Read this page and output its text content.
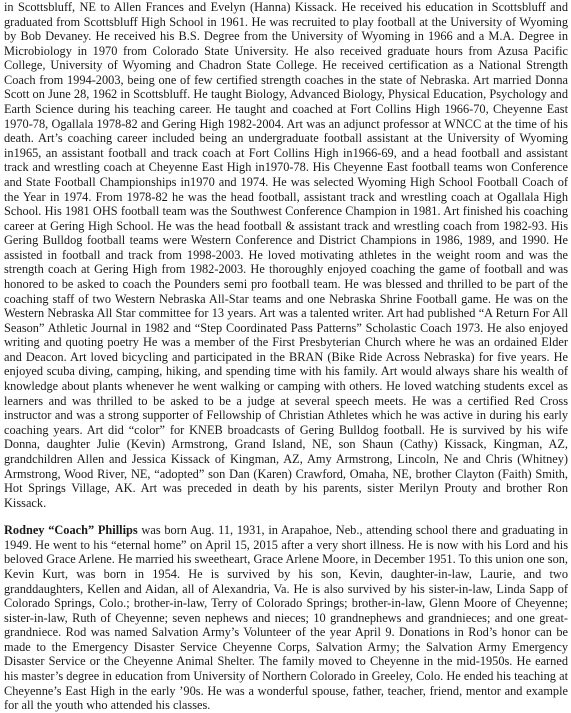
in Scottsbluff, NE to Allen Frances and Evelyn (Hanna) Kissack. He received his education in Scottsbluff and graduated from Scottsbluff High School in 1961. He was recruited to play football at the University of Wyoming by Bob Devaney. He received his B.S. Degree from the University of Wyoming in 1966 and a M.A. Degree in Microbiology in 1970 from Colorado State University. He also received graduate hours from Azusa Pacific College, University of Wyoming and Chadron State College. He received certification as a National Strength Coach from 1994-2003, being one of few certified strength coaches in the state of Nebraska. Art married Donna Scott on June 28, 1962 in Scottsbluff. He taught Biology, Advanced Biology, Physical Education, Psychology and Earth Science during his teaching career. He taught and coached at Fort Collins High 1966-70, Cheyenne East 1970-78, Ogallala 1978-82 and Gering High 1982-2004. Art was an adjunct professor at WNCC at the time of his death. Art’s coaching career included being an undergraduate football assistant at the University of Wyoming in1965, an assistant football and track coach at Fort Collins High in1966-69, and a head football and assistant track and wrestling coach at Cheyenne East High in1970-78. His Cheyenne East football teams won Conference and State Football Championships in1970 and 1974. He was selected Wyoming High School Football Coach of the Year in 1974. From 1978-82 he was the head football, assistant track and wrestling coach at Ogallala High School. His 1981 OHS football team was the Southwest Conference Champion in 1981. Art finished his coaching career at Gering High School. He was the head football & assistant track and wrestling coach from 1982-93. His Gering Bulldog football teams were Western Conference and District Champions in 1986, 1989, and 1990. He assisted in football and track from 1998-2003. He loved motivating athletes in the weight room and was the strength coach at Gering High from 1982-2003. He thoroughly enjoyed coaching the game of football and was honored to be asked to coach the Pounders semi pro football team. He was blessed and thrilled to be part of the coaching staff of two Western Nebraska All-Star teams and one Nebraska Shrine Football game. He was on the Western Nebraska All Star committee for 13 years. Art was a talented writer. Art had published “A Return For All Season” Athletic Journal in 1982 and “Step Coordinated Pass Patterns” Scholastic Coach 1973. He also enjoyed writing and quoting poetry He was a member of the First Presbyterian Church where he was an ordained Elder and Deacon. Art loved bicycling and participated in the BRAN (Bike Ride Across Nebraska) for five years. He enjoyed scuba diving, camping, hiking, and spending time with his family. Art would always share his wealth of knowledge about plants whenever he went walking or camping with others. He loved watching students excel as learners and was thrilled to be asked to be a judge at several speech meets. He was a certified Red Cross instructor and was a strong supporter of Fellowship of Christian Athletes which he was active in during his early coaching years. Art did “color” for KNEB broadcasts of Gering Bulldog football. He is survived by his wife Donna, daughter Julie (Kevin) Armstrong, Grand Island, NE, son Shaun (Cathy) Kissack, Kingman, AZ, grandchildren Allen and Jessica Kissack of Kingman, AZ, Amy Armstrong, Lincoln, Ne and Chris (Whitney) Armstrong, Wood River, NE, “adopted” son Dan (Karen) Crawford, Omaha, NE, brother Clayton (Faith) Smith, Hot Springs Village, AK. Art was preceded in death by his parents, sister Merilyn Prouty and brother Ron Kissack.

Rodney “Coach” Phillips was born Aug. 11, 1931, in Arapahoe, Neb., attending school there and graduating in 1949. He went to his “eternal home” on April 15, 2015 after a very short illness. He is now with his Lord and his beloved Grace Arlene. He married his sweetheart, Grace Arlene Moore, in December 1951. To this union one son, Kevin Kurt, was born in 1954. He is survived by his son, Kevin, daughter-in-law, Laurie, and two granddaughters, Kellen and Aidan, all of Alexandria, Va. He is also survived by his sister-in-law, Linda Sapp of Colorado Springs, Colo.; brother-in-law, Terry of Colorado Springs; brother-in-law, Glenn Moore of Cheyenne; sister-in-law, Ruth of Cheyenne; seven nephews and nieces; 10 grandnephews and grandnieces; and one great-grandniece. Rod was named Salvation Army’s Volunteer of the year April 9. Donations in Rod’s honor can be made to the Emergency Disaster Service Cheyenne Corps, Salvation Army; the Salvation Army Emergency Disaster Service or the Cheyenne Animal Shelter. The family moved to Cheyenne in the mid-1950s. He earned his master’s degree in education from University of Northern Colorado in Greeley, Colo. He ended his teaching at Cheyenne’s East High in the early ’90s. He was a wonderful spouse, father, teacher, friend, mentor and example for all the youth who attended his classes.
